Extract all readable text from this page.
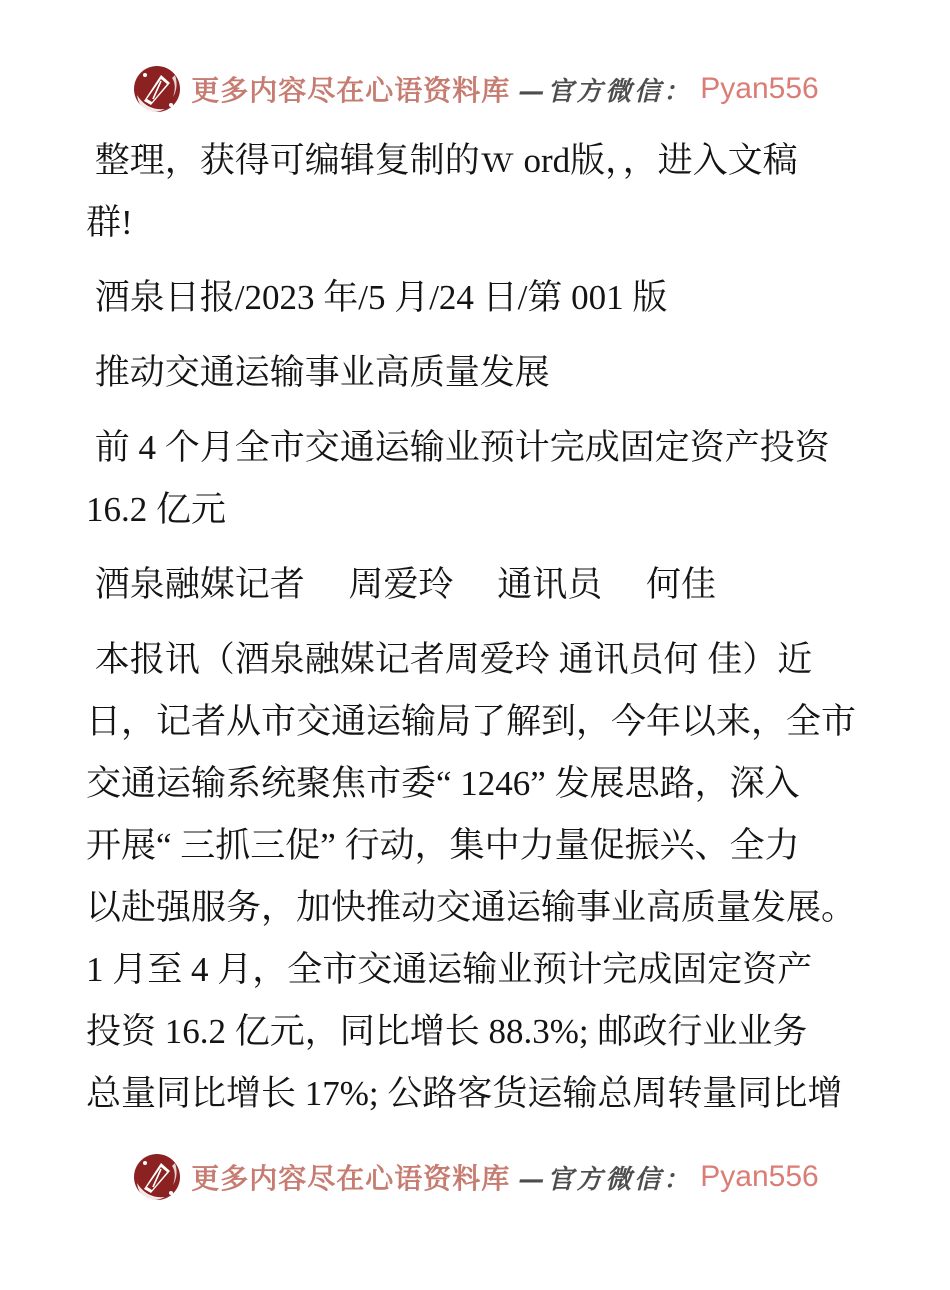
更多内容尽在心语资料库 —官方微信： Pyan556
整理，获得可编辑复制的ｗ ord版，，进入文稿
群!
酒泉日报/2023 年/5 月/24 日/第 001 版
推动交通运输事业高质量发展
前 4 个月全市交通运输业预计完成固定资产投资
16.2 亿元
酒泉融媒记者　 周爱玲　 通讯员　 何佳
本报讯（酒泉融媒记者周爱玲 通讯员何 佳）近
日，记者从市交通运输局了解到，今年以来，全市
交通运输系统聚焦市委“ 1246” 发展思路，深入
开展“ 三抓三促” 行动，集中力量促振兴、全力
以赴强服务，加快推动交通运输事业高质量发展。
1 月至 4 月，全市交通运输业预计完成固定资产
投资 16.2 亿元，同比增长 88.3%; 邮政行业业务
总量同比增长 17%; 公路客货运输总周转量同比增
更多内容尽在心语资料库 —官方微信： Pyan556
